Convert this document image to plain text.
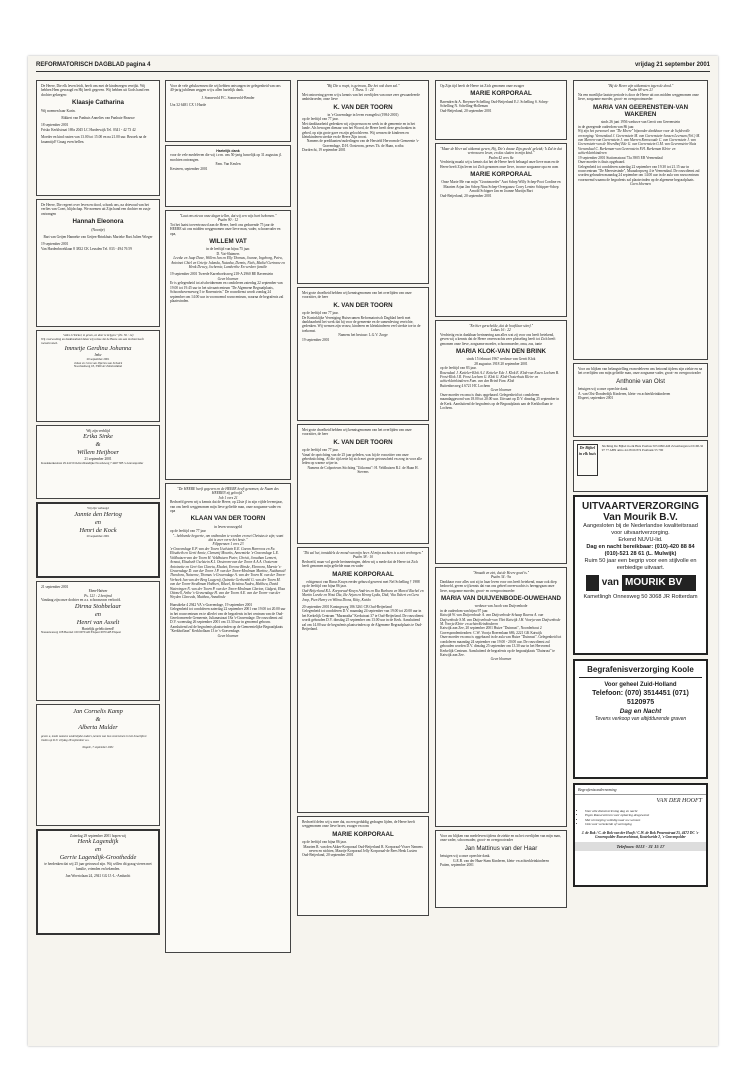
REFORMATORISCH DAGBLAD pagina 4	vrijdag 21 september 2001

De Heere, Die elk leven leidt, heeft ons met de kinderzegen verrijkt. Wij hebben Hem gevraagd en Hij heeft gegeven. Wij hebben uit Gods hand een dochter gekregen:

Klaasje Catharina

Wij noemen haar Karin.

Rikkert van Panhuis Annelies van Panhuis-Brauwe

18 september 2001

Frisko Kerklstraat 169a 2045 LC Harderwijk Tel. 0341 - 42 73 42

Moeder en kind rusten van 13.00 tot 15.00 en na 21.00 uur. Bezoek na de kraamtijd? Graag even bellen.

De Heere, Die regeert over leven en dood, schonk ons, na drievoud van het verlies van Coert, blijdschap. We noemen uit Zijn hand een dochter en zusje ontvangen

Hannah Eleonora

(Noortje)

Bart van Geijen Hanneke van Geijen-Brinkhuis Marieke Bart Julien Wieger

19 september 2001

Van Hardenbroeklaan 8 3832 CK Leusden Tel. 033 - 494 76 59

"Alles is Wickel, te geven, en doer te krijgen." (Ps. 56 : 14)

Wij overwoeling en dankbaarheid delen wij u mee dat de Heere ons een dochter heeft toevertrouwd.

Immetje Gerdina Johanna

Imke

20 september 2001

Johan en Cora van IJperen-van Schaick

Noorlandweg 18, 3360 AJ Zaltsbommel

Wij zijn verblijd

Erika Sinke
&
Willem Heijboer

21 september 2001

Koudekerkestraat 29 4413 DA Krabbendijke Noordeweg 7 4467 NB 's-Gravenpolder

Wij zijn verheugd

Jannie den Hertog
en
Henri de Kock

20 september 2001

21 september 2001

Eben-Haëzer

Ps. 121 : 2 berijmd

Vandaag zijn onze dochter en a.s. schoonzoon verloofd.

Dirma Stobbelaar
en
Henri van Asselt

Hartelijk gefeliciteerd!

Nassauweweg 108 Beerzel 100 6970 AD Elspeet 6970 AB Elspeet

Jan Cornelis Kamp
&
Alberta Mulder

geven u, mede namens wederzijdse ouders, kennis van hun voornemen in het huwelijk te treden op D.V. vrijdag 28 september a.s.

Nagele, 7 september 2001

Zaterdag 29 september 2001 hopen wij

Henk Lagendijk
en
Gerrie Lagendijk-Groothedde

te herdenken dat wij 25 jaar getrouwd zijn. Wij willen dit graag vieren met familie, vrienden en bekenden.

Jan Woertolaan 24, 2941 GG IJ.-L.-Ambacht

Voor de vele gelukwensen die wij hebben ontvangen ter gelegenheid van ons 40-jarig jubileum zeggen wij u allen hartelijk dank.

J. Sonnevold P.C. Sonnevold-Bender

Ura 32 6481 CX 't Harde

Hartelijk dank

voor de vele medeleven die wij i.v.m. ons 50-jarig huwelijk op 31 augustus jl. mochten ontvangen.

Fam. Van Keulen

Kesteren, september 2001

"Laat ons nieuw onze dagen tellen, dat wij een wijs hart bekomen."

Psalm 90 : 12

Tot het laatst toevertrouwd aan de Heere, heeft ons gedurende 75 jaar de HEERE uit ons midden weggenomen onze lieve man, vader, schoonvader en opa,

WILLEM VAT

in de leeftijd van bijna 75 jaar.

D. Vat-Slaimers

Leeske en Jaap Dave, Willem Jan en Elly Thomas, Joanne, Ingeborg, Petra, Antoinet Chiel en Grietje Jolanda, Natasha, Dennis, Niels, Maikel Gertrane en Henk Dewey, Jochemie, Lamberthe En verdere familie

19 september 2001 Tweede Karrehoeksweg 218-A 2960 BE Ravenstein

Geen bloemen

Er is gelegenheid tot afscheidnemen en condoleren zaterdag 22 september van 19.00 tot 19.45 uur in het uitvaartcentrum "De Algemene Begraafplaats, Schoonhovenseweg 5 te Ravenstein." De rouwdienst wordt zondag 24 september om 14.00 uur in voornoemd rouwcentrum, waarna de begrafenis zal plaatsvinden.

"De HEERE heeft gegeven en de HEERE heeft genomen, de Naam des HEEREN zij geloofd."

Job 1 vers 21

Bedroefd geven wij u kennis dat de Heere, op 22ste jl in zijn vijfde levensjaar, van ons heeft weggenomen mijn lieve geliefde man, onze zorgzame vader en opa

KLAAN VAN DER TOORN

in leven vrouwgeld

op de leeftijd van 77 jaar

"...hebbende begeerte, om ontbonden te worden en met Christus te zijn; want dat is zeer verre het beste."

Filippenzen 1 vers 23

's-Gravendage E.P. van der Toorn Uselstein E.E. Goenn Harreoos en Fa. Elisabeth en Gerti Annie, Clementj Mourits, Annemieke 's-Gravendage L.E. Veldhuizen-van der Toorn H. Veldhuizen Pieter, Christi, Jonathan Lennert, Arnaut, Elisabeth Uselstein K.I. Oosterom-van der Toorn A.A.A. Oosterom Antoinette en Gert-Jan Clareta, Elsabet, Ereone Rinske, Eleonora, Marnie 's-Gravendage D. van der Toorn J.P. van der Toorn-Meulman Martine, Natthanaël Theodora, Naisrene, Thomas 's-Gravendage A. van der Toorn H. van der Toorn-Verhoek Jan van der Berg Lucgenij, Quinette Gerbenbil G. van der Toorn M. van der Toorn-Strulkman Hobbert, Rikoel, Kristina Nadra, Maltheu, David Wateringen N. van der Toorn P. van der Toorn-Meulman Clarion, Gidgest, Eksa Ottonell, Arthe 's-Gravendage H. van der Toorn A.E. van der Toorn- van der Weyden Clareeda, Matthea, Annalinde

Hunsdieke 4 2942 VA 's-Gravendage, 19 september 2001

Gelegenheid tot condoleren zaterdag 22 september 2001 van 19.00 tot 20.00 uur in het rouwcentrum en te allerlei van de begrafenis in het centrum van de Oud-Gereformeerde Gemeente, Julianastraat 18a 's-Gravendage. De rouwdienst zal D.V. woensdag 26 september 2001 om 13.30 uur in genoemd gebouw. Aansluitend zal de begrafenis plaatsvinden op de Gemeentelijke Begraafplaats "Kerkhoflaan" Kerkhoflaan 13 te 's-Gravendage.

Geen bloemen

"Bij Die u roept, is getrouw, Die het ook doen zal."

1 Thess. 5 : 24

Met ontroering geven wij u kennis van het overlijden van onze zeer gewaardeerde ambtsbroeder, onze lieve

K. VAN DER TOORN

in 's-Gravendage in leven evangelist (1984-2001)

op de leeftijd van 77 jaar.

Met dankbaarheid gedenken wij zijn persoon en werk in de gemeente en in het lande. Als bewogen dienaar van het Woord, de Heere heeft deze geschonken in gebed, op zijn grote gave en zijn geloofsleven. Wij wensen de kinderen en kleinkinderen sterkte en de Heere Zijn troost.

Namens de predikanten/ouderlingen van de Hersteld Hervormde Gemeente 's-Gravendage, D.H. Oosterom, preses Th. de Haan, scriba

Dordrecht, 19 september 2001

Met grote droefheid hebben wij kennisgenomen van het overlijden van onze voorzitter, de heer

K. VAN DER TOORN

op de leeftijd van 77 jaar.

De Koninklijke Vereniging Huisecumen Reformatorisch Dagblad heeft met dankbaarheid het werk dat hij voor de gemeente en de samenleving verrichte, gedenken. Wij wensen zijn vrouw, kinderen en kleinkinderen veel sterkte toe in de toekomst.

Namens het bestuur: L.G.V. Zorge

19 september 2001

Met grote droefheid hebben wij kennisgenomen van het overlijden van onze voorzitter, de heer

K. VAN DER TOORN

op de leeftijd van 77 jaar.

Vanaf de oprichting van de 25 jaar geleden, was hij de voorzitter van onze gebedsstichting. Al die tijd zette hij zich met grote getrouwheid en zorg in voor alle leden op warme wijze in.

Namens de Colporteurs Stichting "Uitkomst": H. Veldhuizen R.J. de Haan H. Stevens

"Dit zal het, inmiddels de mond van mijn heer. Al mijn zuchten is u niet verborgen."

Psalm 38 : 10

Bedroefd, maar vol goede herinneringen, delen wij u mede dat de Heere tot Zich heeft genomen mijn geliefde man en vader

MARIE KORPORAAL

echtgenoot van Rinus Kruyn eerder gehuwd geweest met Nel Schelling † 1988

op de leeftijd van bijna 86 jaar.

Oud-Beijerland R.L. Korporaal-Kruyn Andries en Ria Barbara en Marcel Rachel en Martin Loreke en Wout Dia, Ike Arjan en Henny Lydia, Didi, Vita Ilsbert en Gera Joop, Pien Henry en Wilma Dions, Kitty, Kwido

20 september 2001 Koningsweg 186 3261 CB Oud-Beijerland

Gelegenheid tot condoleren D.V. maandag 24 september van 19.00 tot 20.00 uur in het Kerkelijk Centrum "Maranatha" Kerkstraat 37 te Oud-Beijerland. De rouwdienst wordt gehouden D.V. dinsdag 25 september om 13.00 uur in de Kerk. Aansluitend zal om 14.00 uur de begrafenis plaatsvinden op de Algemene Begraafplaats te Oud-Beijerland.

Bedroefd delen wij u mee dat, na een geduldig gedragen lijden, de Heere heeft weggenomen onze lieve broer, zwager en oom

MARIE KORPORAAL

op de leeftijd van bijna 86 jaar.

Maarten R. van den Akker-Korporaal Oud-Beijerland R. Korporaal-Visser Namens neven en nichten, Maartje Korporaal Jelly Korporaal-de Rees Henk Lusien

Oud-Beijerland, 20 september 2001

Op Zijn tijd heeft de Heere tot Zich genomen onze zwager

MARIE KORPORAAL

Barendrecht A. Breymer-Schelling Oud-Beijerland E.J. Schelling S. Schep-Schelling N. Schelling-Holleman

Oud-Beijerland, 20 september 2001

"Maar de Heer zal uitkomst geven, Hij, Die's dwaze Zijn goeds' geleidt; 'k Zal in dat vertrouwen leven, en das sluiten in mijn kind."

Psalm 42 vers 8a

Verdrietig maakt wij u kennis dat het de Heere heeft behaagd onze lieve man en de Heere heeft Zijn leven tot Zich genomen onze lieve, trouwe zorgzame opa en oom

MARIE KORPORAAL

Onze Marie Me van mijn "Grootmoeder" Aart Schep Willy Schep-Poot Cordine en Maarten Arjan Jan Schep Nina Schep-Overgaauw Corry Lenteo Schipper-Schep Arnold Schipper Jan en Joanne Martijn Bart

Oud-Beijerland, 20 september 2001

"En hier gerschelde, dat de hoeftlaar stierf."

Lukas 16 : 22

Verdrietig en in dankbaar herinnering aan alles wat zij voor ons heeft betekend, geven wij u kennis dat de Heere onverwachts zeer plotseling heeft tot Zich heeft genomen onze lieve, zorgzame moeder, schoonmoeder, oma, zus, tante

MARIA KLOK-VAN DEN BRINK

sinds 15 februari 1967 weduwe van Gerrit Klok

28 augustus 1918 20 september 2001

op de leeftijd van 83 jaar.

Rosendaal J. Ketteler-Klok A.J. Ketteler Ede J. Klok E. Klok-van Essen Lochem B. Frost-Klok J.R. Frost Lochem G. Klok G. Klok-Oosterhuis Klein- en achterkleinkinderen Fam. van den Brink Fam. Klok

Buitenbosweg 4 6721 HC Lochem

Geen bloemen

Onze moeder en oma is thuis opgebaard. Gelegenheid tot condoleren maandaggavond van 18.00 tot 20.00 uur. Uitvaart op D.V. dinsdag 25 september in de Kerk. Aansluitend de begrafenis op de Begraafplaats aan de Kerkhoflaan te Lochem.

"Smaakt en ziet, dat de Heere goed is."

Psalm 34 : 9a

Dankbaar voor alles wat zij in haar leven voor ons heeft betekend, maar ook diep bedroefd, geven wij kennis dat van ons geheel onverwachts is heengegaan onze lieve, zorgzame moeder, groot- en overgrootmoeder

MARIA VAN DUIJVENBODE-OUWEHAND

weduwe van Jacob van Duijvenbode

in de ouderdom van bijna 97 jaar.

Katwijk W. van Duijvenbode A. van Duijvenbode-Schaap Ravens A. van Duijvenbode S.M. van Duijvenbode-van Vliet Katwijk J.H. Voorja-van Duijvenbode M. Voorja Klein- en achterkleinkinderen

Katwijk aan Zee, 20 september 2001 Huize "Duinrust", Noorderhout 2 Correspondentieadres: C.W. Voorja Boerenlaan 686, 2221 GK Katwijk

Onze moeder en oma is opgebaard in de aula van Huize "Duinrust". Gelegenheid tot condoleren maandag 24 september van 19.00 - 20.00 uur. De rouwdienst zal gehouden worden D.V. dinsdag 25 september om 13.30 uur in het Hervormd Kerkelijk Centrum. Aansluitend de begrafenis op de begraafplaats "Duinrust" te Katwijk aan Zee.

Geen bloemen

Voor uw blijken van medeleven tijdens de ziekte en na het overlijden van mijn man, onze vader, schoonvader, groot- en overgrootvader

Jan Mattinus van der Haar

betuigen wij u onze oprechte dank.

G.E.B. van der Haar-Stam Kinderen, klein- en achterkleinkinderen

Putten, september 2001

"Bij de Heere zijn uitkomsten tegen de dood."

Psalm 68 vers 21

Na een moeilijke laatste periode is door de Heere uit ons midden weggenomen onze lieve, zorgzame moeder, groot- en overgrootmoeder

MARIA VAN GEERENSTEIN-VAN WAKEREN

sinds 26 juni 1956 weduwe van Gerrit van Geerenstein

in de gezegende ouderdom van 86 jaar.

Wij zijn het personeel van "De Meere" bijzonder dankbaar voor de liefdevolle verzorging. Veenendaal J. Geerenstein M. van Geerenstein-Jansen Leersum (Vel.) M. van Meeren-van Geerenstein J. van Meeren Renswoude C. van Geerenstein J. van Geerenstein-van de Weerdhof Ede G. van Geerenstein G.M. van Geerenstein-Sluis Veenendaal C. Berkeman-van Geerenstein F.H. Berkeman Klein- en achterkleinkinderen

19 september 2001 Stationsstraat 73a 3905 EB Veenendaal

Onze moeder is thuis opgebaard.

Gelegenheid tot condoleren zaterdag 22 september van 19.30 tot 21.15 uur in rouwcentrum "De Meerstesinde", Muaudorpweg 4 te Veenendaal. De rouwdienst zal worden gehouden maandag 24 september om 14.00 uur in de aula van rouwcentrum voornoemd waarna de begrafenis zal plaatsvinden op de algemene begraafplaats.

Geen bloemen

Voor uw blijken van belangstelling en medeleven ons betoond tijdens zijn ziekte en na het overlijden van mijn geliefde man, onze zorgzame vader, groot- en overgrootvader

Anthonie van Olst

betuigen wij u onze oprechte dank.

A. van Olst-Donderdijk Kinderen, klein- en achterkleinkinderen

Elspeet, september 2001

De Bijbel in elk huis
Stichting De Bijbel in elk Huis Postbus 503 6090 AM Zevenbergen tel 0168-32 97 77 ABN amro 44 28 66 874 Postbank 55 790
UITVAARTVERZORGING
Van Mourik B.V.
Aangesloten bij de Nederlandse kwaliteitsraad voor uitvaartverzorging.
Erkend NUVU-lid.
Dag en nacht bereikbaar: (010)-420 88 84 (010)-521 28 61 (L. Mulwijk)
Ruim 50 jaar een begrip voor een stijlvolle en eerbiedige uitvaart.
van MOURIK BV
Kametlingh Onnesweg 50 3068 JR Rotterdam
Begrafenisverzorging Koole
Voor geheel Zuid-Holland
Telefoon: (070) 3514451 (071) 5120975
Dag en Nacht
Tevens verkoop van altijddurende graven
Begrafenisonderneming
VAN DER HOOFT
• Voor alle dienstverlening dag en nacht
• Eigen Rouwcentrum voor opbaring desgewenst
• Met verzorging volledig naar uw wensen
• Ook voor verzekerde of vereniging
J. de Bok / C. de Bok-van der Hooft / C.W. de Bok Prozenstraat 25, 4472 DC 's-Gravenpolder Roosevelstraat, Kostelweide 2, 's-Gravenpolder
Telefoon: 0113 - 31 15 17
